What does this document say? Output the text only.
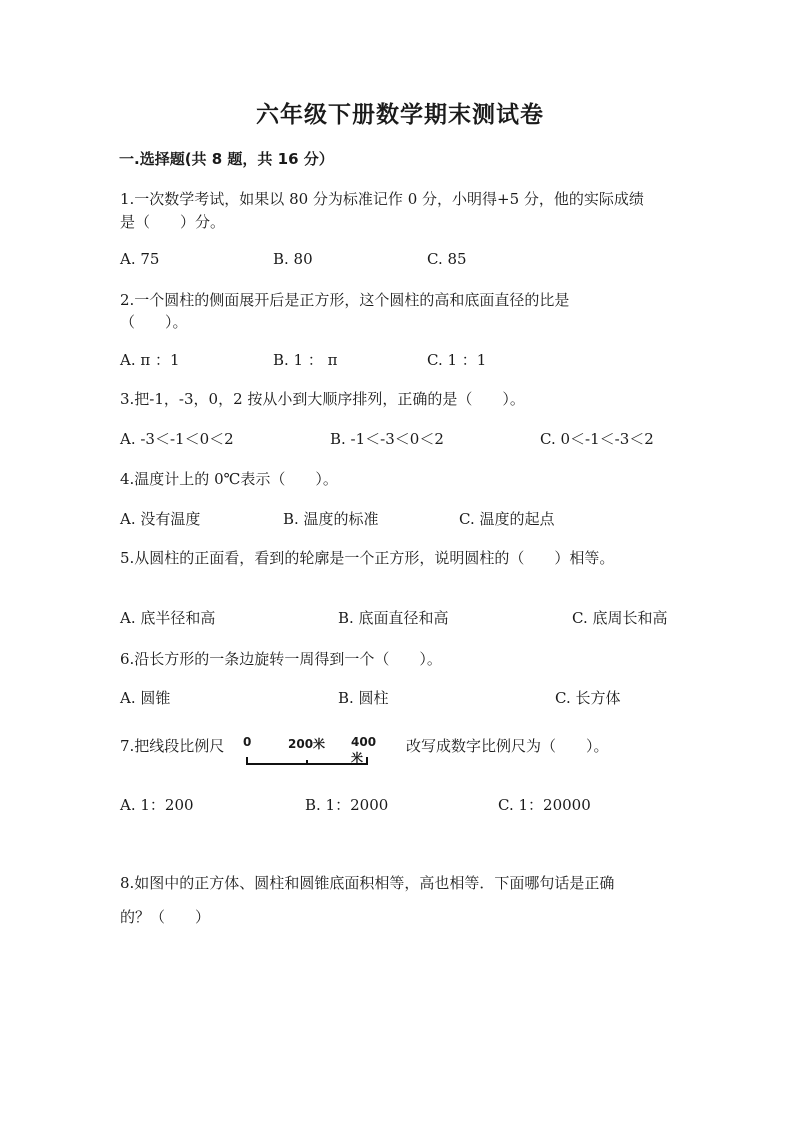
六年级下册数学期末测试卷
一.选择题(共 8 题，共 16 分）
1.一次数学考试，如果以 80 分为标准记作 0 分，小明得+5 分，他的实际成绩
是（　　）分。
A. 75	B. 80	C. 85
2.一个圆柱的侧面展开后是正方形，这个圆柱的高和底面直径的比是
（　　）。
A. π ：1	B. 1 ： π	C. 1 ：1
3.把-1，-3，0，2 按从小到大顺序排列，正确的是（　　）。
A. -3＜-1＜0＜2	B. -1＜-3＜0＜2	C. 0＜-1＜-3＜2
4.温度计上的 0℃表示（　　）。
A. 没有温度	B. 温度的标准	C. 温度的起点
5.从圆柱的正面看，看到的轮廓是一个正方形，说明圆柱的（　　）相等。
A. 底半径和高	B. 底面直径和高	C. 底周长和高
6.沿长方形的一条边旋转一周得到一个（　　）。
A. 圆锥	B. 圆柱	C. 长方体
7.把线段比例尺 0	200米 400米
改写成数字比例尺为（　　）。
A. 1：200	B. 1：2000	C. 1：20000
8.如图中的正方体、圆柱和圆锥底面积相等，高也相等．下面哪句话是正确
的？（　　）
